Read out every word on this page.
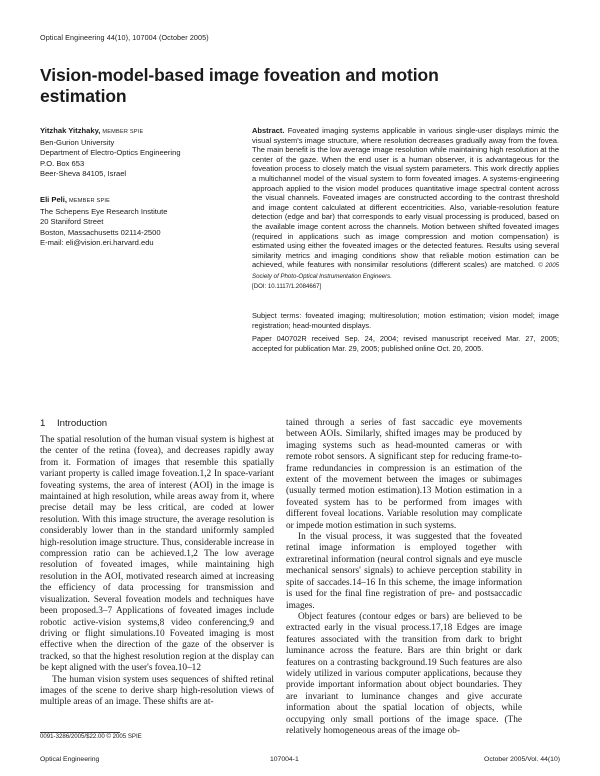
Optical Engineering 44(10), 107004 (October 2005)
Vision-model-based image foveation and motion estimation
Yitzhak Yitzhaky, MEMBER SPIE
Ben-Gurion University
Department of Electro-Optics Engineering
P.O. Box 653
Beer-Sheva 84105, Israel
Eli Peli, MEMBER SPIE
The Schepens Eye Research Institute
20 Staniford Street
Boston, Massachusetts 02114-2500
E-mail: eli@vision.eri.harvard.edu
Abstract. Foveated imaging systems applicable in various single-user displays mimic the visual system's image structure, where resolution decreases gradually away from the fovea. The main benefit is the low average image resolution while maintaining high resolution at the center of the gaze. When the end user is a human observer, it is advantageous for the foveation process to closely match the visual system parameters. This work directly applies a multichannel model of the visual system to form foveated images. A systems-engineering approach applied to the vision model produces quantitative image spectral content across the visual channels. Foveated images are constructed according to the contrast threshold and image content calculated at different eccentricities. Also, variable-resolution feature detection (edge and bar) that corresponds to early visual processing is produced, based on the available image content across the channels. Motion between shifted foveated images (required in applications such as image compression and motion compensation) is estimated using either the foveated images or the detected features. Results using several similarity metrics and imaging conditions show that reliable motion estimation can be achieved, while features with nonsimilar resolutions (different scales) are matched. © 2005 Society of Photo-Optical Instrumentation Engineers.
[DOI: 10.1117/1.2084667]
Subject terms: foveated imaging; multiresolution; motion estimation; vision model; image registration; head-mounted displays.
Paper 040702R received Sep. 24, 2004; revised manuscript received Mar. 27, 2005; accepted for publication Mar. 29, 2005; published online Oct. 20, 2005.
1 Introduction

The spatial resolution of the human visual system is highest at the center of the retina (fovea), and decreases rapidly away from it. Formation of images that resemble this spatially variant property is called image foveation.1,2 In space-variant foveating systems, the area of interest (AOI) in the image is maintained at high resolution, while areas away from it, where precise detail may be less critical, are coded at lower resolution. With this image structure, the average resolution is considerably lower than in the standard uniformly sampled high-resolution image structure. Thus, considerable increase in compression ratio can be achieved.1,2 The low average resolution of foveated images, while maintaining high resolution in the AOI, motivated research aimed at increasing the efficiency of data processing for transmission and visualization. Several foveation models and techniques have been proposed.3–7 Applications of foveated images include robotic active-vision systems,8 video conferencing,9 and driving or flight simulations.10 Foveated imaging is most effective when the direction of the gaze of the observer is tracked, so that the highest resolution region at the display can be kept aligned with the user's fovea.10–12

The human vision system uses sequences of shifted retinal images of the scene to derive sharp high-resolution views of multiple areas of an image. These shifts are at-

tained through a series of fast saccadic eye movements between AOIs. Similarly, shifted images may be produced by imaging systems such as head-mounted cameras or with remote robot sensors. A significant step for reducing frame-to-frame redundancies in compression is an estimation of the extent of the movement between the images or subimages (usually termed motion estimation).13 Motion estimation in a foveated system has to be performed from images with different foveal locations. Variable resolution may complicate or impede motion estimation in such systems.

In the visual process, it was suggested that the foveated retinal image information is employed together with extraretinal information (neural control signals and eye muscle mechanical sensors' signals) to achieve perception stability in spite of saccades.14–16 In this scheme, the image information is used for the final fine registration of pre- and postsaccadic images.

Object features (contour edges or bars) are believed to be extracted early in the visual process.17,18 Edges are image features associated with the transition from dark to bright luminance across the feature. Bars are thin bright or dark features on a contrasting background.19 Such features are also widely utilized in various computer applications, because they provide important information about object boundaries. They are invariant to luminance changes and give accurate information about the spatial location of objects, while occupying only small portions of the image space. (The relatively homogeneous areas of the image ob-

0091-3286/2005/$22.00 © 2005 SPIE
Optical Engineering	107004-1	October 2005/Vol. 44(10)
